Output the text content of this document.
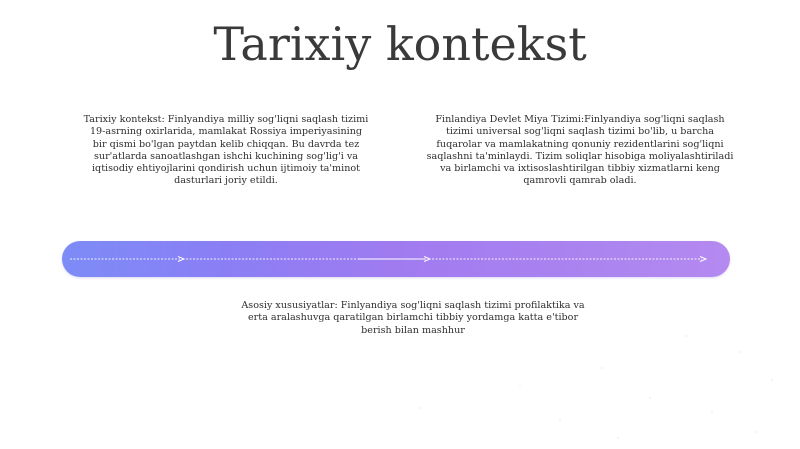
Tarixiy kontekst
Tarixiy kontekst: Finlyandiya milliy sog'liqni saqlash tizimi 19-asrning oxirlarida, mamlakat Rossiya imperiyasining bir qismi bo'lgan paytdan kelib chiqqan. Bu davrda tez sur'atlarda sanoatlashgan ishchi kuchining sog'lig'i va iqtisodiy ehtiyojlarini qondirish uchun ijtimoiy ta'minot dasturlari joriy etildi.
Finlandiya Devlet Miya Tizimi:Finlyandiya sog'liqni saqlash tizimi universal sog'liqni saqlash tizimi bo'lib, u barcha fuqarolar va mamlakatning qonuniy rezidentlarini sog'liqni saqlashni ta'minlaydi. Tizim soliqlar hisobiga moliyalashtiriladi va birlamchi va ixtisoslashtirilgan tibbiy xizmatlarni keng qamrovli qamrab oladi.
Asosiy xususiyatlar: Finlyandiya sog'liqni saqlash tizimi profilaktika va erta aralashuvga qaratilgan birlamchi tibbiy yordamga katta e'tibor berish bilan mashhur
